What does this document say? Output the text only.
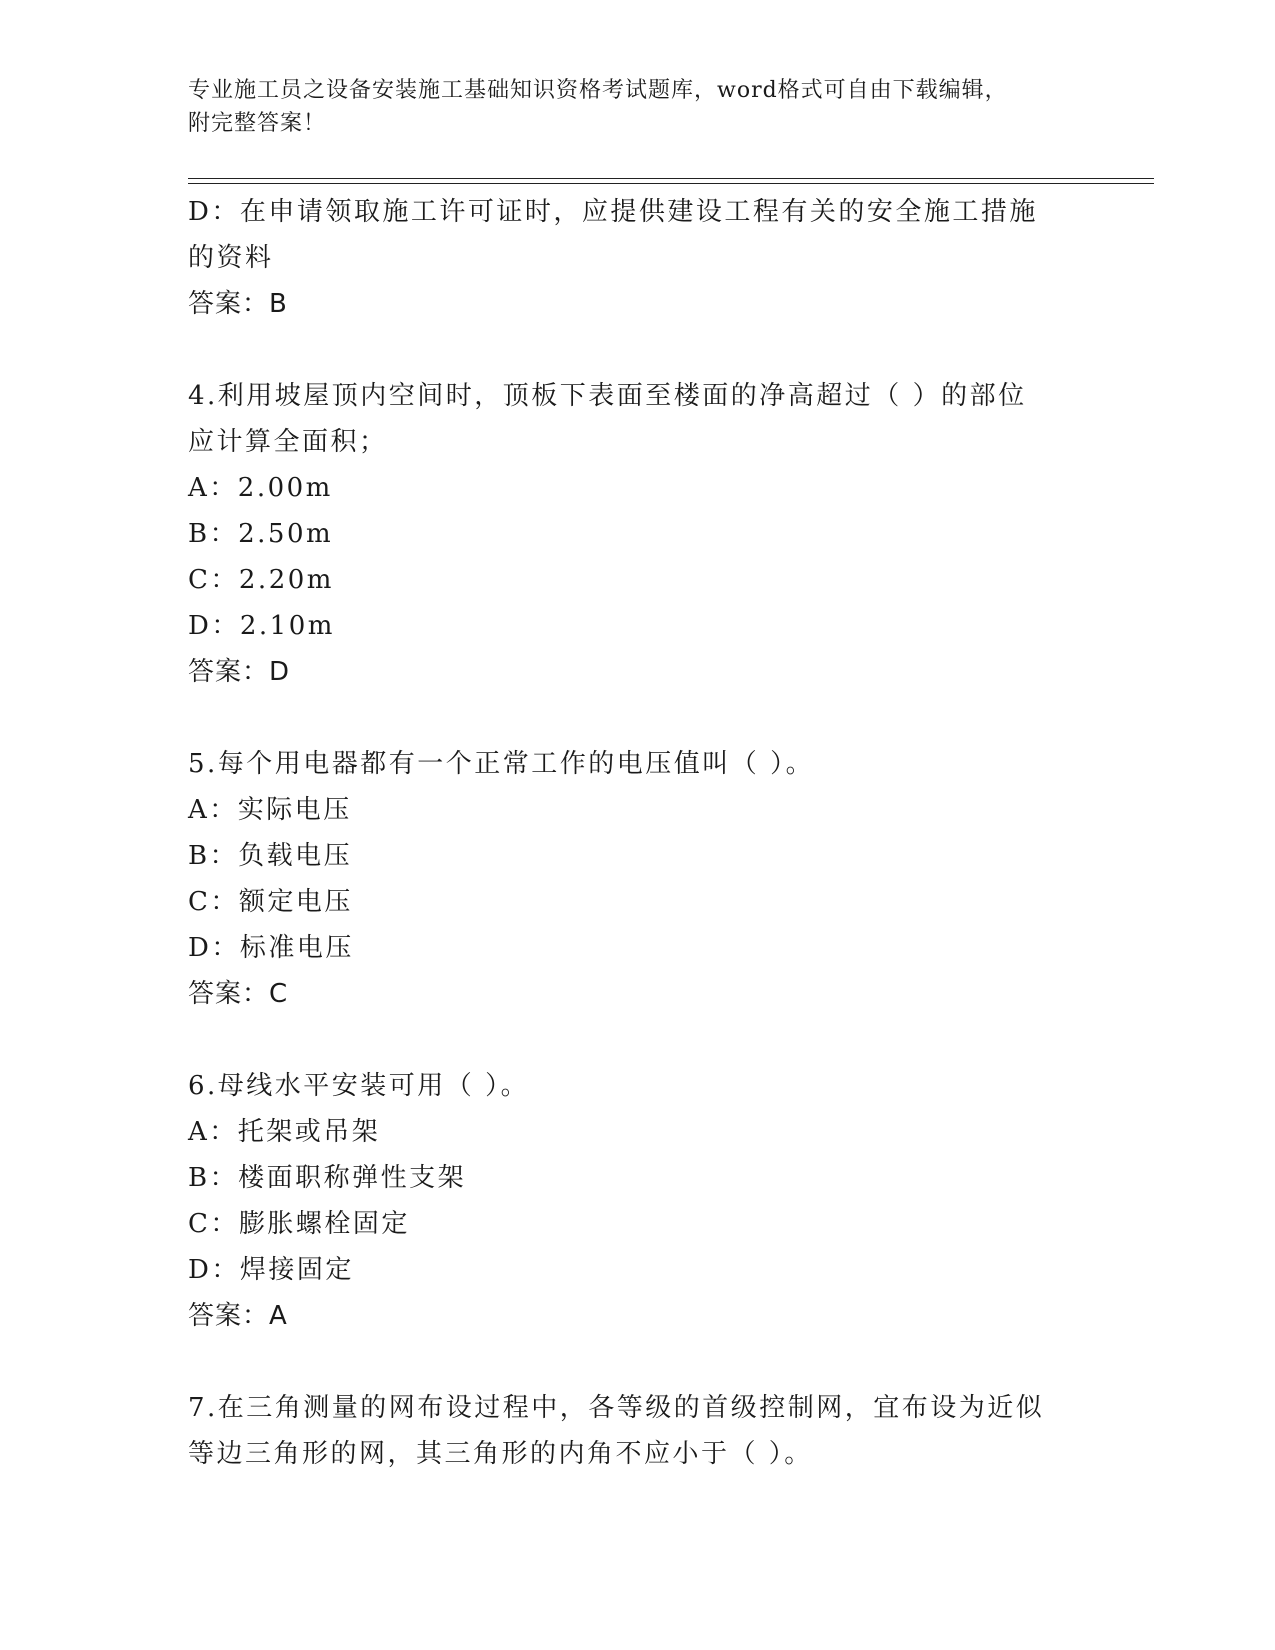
专业施工员之设备安装施工基础知识资格考试题库，word格式可自由下载编辑，
附完整答案！
D：在申请领取施工许可证时，应提供建设工程有关的安全施工措施的资料
答案：B
4.利用坡屋顶内空间时，顶板下表面至楼面的净高超过（ ）的部位应计算全面积；
A：2.00m
B：2.50m
C：2.20m
D：2.10m
答案：D
5.每个用电器都有一个正常工作的电压值叫（ ）。
A：实际电压
B：负载电压
C：额定电压
D：标准电压
答案：C
6.母线水平安装可用（ ）。
A：托架或吊架
B：楼面职称弹性支架
C：膨胀螺栓固定
D：焊接固定
答案：A
7.在三角测量的网布设过程中，各等级的首级控制网，宜布设为近似等边三角形的网，其三角形的内角不应小于（ ）。
